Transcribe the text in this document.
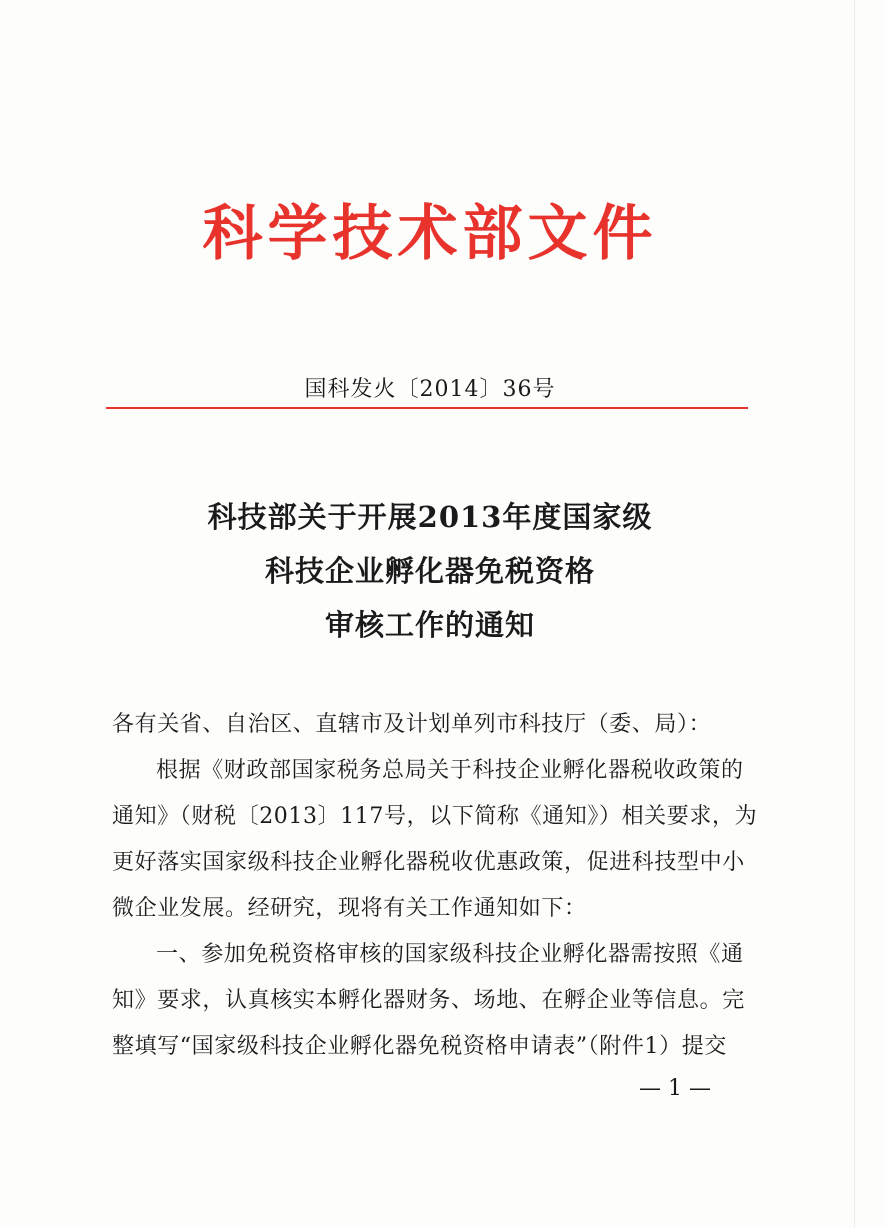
科学技术部文件
国科发火〔2014〕36号
科技部关于开展2013年度国家级
科技企业孵化器免税资格
审核工作的通知
各有关省、自治区、直辖市及计划单列市科技厅（委、局）：
根据《财政部国家税务总局关于科技企业孵化器税收政策的
通知》（财税〔2013〕117号，以下简称《通知》）相关要求，为
更好落实国家级科技企业孵化器税收优惠政策，促进科技型中小
微企业发展。经研究，现将有关工作通知如下：
一、参加免税资格审核的国家级科技企业孵化器需按照《通
知》要求，认真核实本孵化器财务、场地、在孵企业等信息。完
整填写“国家级科技企业孵化器免税资格申请表”（附件1）提交
— 1 —
